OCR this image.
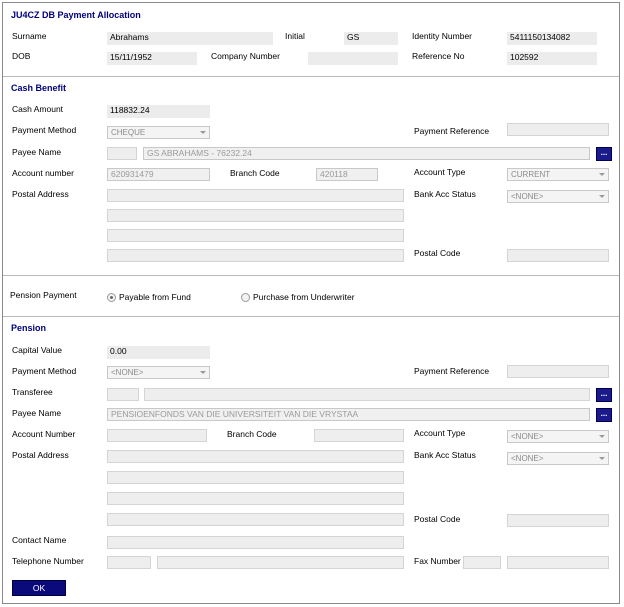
JU4CZ DB Payment Allocation
Surname	Abrahams	Initial	GS	Identity Number	5411150134082
DOB	15/11/1952	Company Number	Reference No	102592
Cash Benefit
Cash Amount	118832.24
Payment Method	CHEQUE	Payment Reference
Payee Name	GS ABRAHAMS - 76232.24	...
Account number	620931479	Branch Code	420118	Account Type	CURRENT
Postal Address	Bank Acc Status	<NONE>
Postal Code
Pension Payment	Payable from Fund	Purchase from Underwriter
Pension
Capital Value	0.00
Payment Method	<NONE>	Payment Reference
Transferee	...
Payee Name	PENSIOENFONDS VAN DIE UNIVERSITEIT VAN DIE VRYSTAA	...
Account Number	Branch Code	Account Type	<NONE>
Postal Address	Bank Acc Status	<NONE>
Postal Code
Contact Name
Telephone Number	Fax Number
OK
